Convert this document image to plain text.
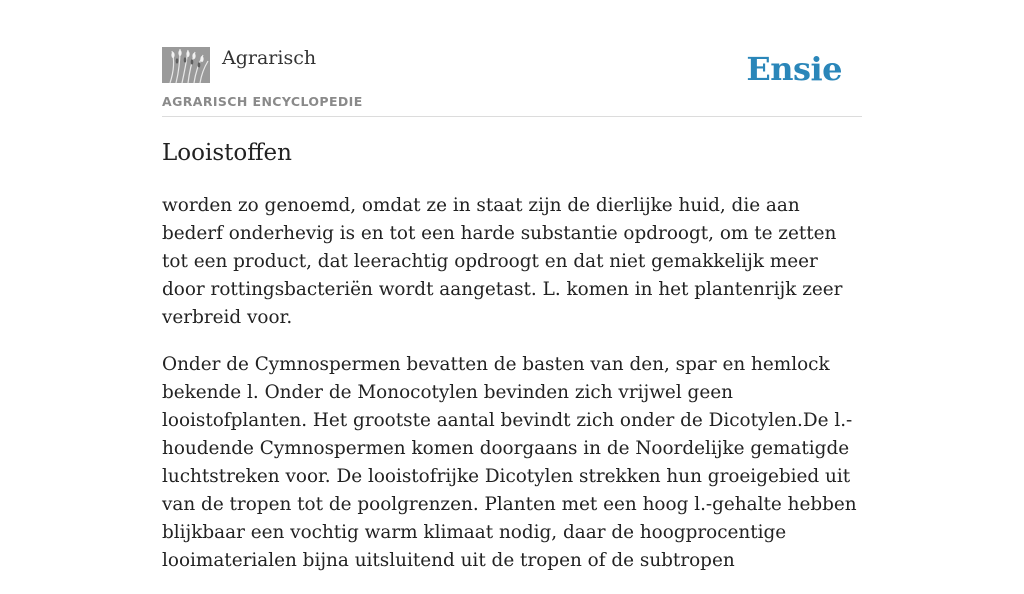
Agrarisch
AGRARISCH ENCYCLOPEDIE
Ensie
Looistoffen

worden zo genoemd, omdat ze in staat zijn de dierlijke huid, die aan bederf onderhevig is en tot een harde substantie opdroogt, om te zetten tot een product, dat leerachtig opdroogt en dat niet gemakkelijk meer door rottingsbacteriën wordt aangetast. L. komen in het plantenrijk zeer verbreid voor.

Onder de Cymnospermen bevatten de basten van den, spar en hemlock bekende l. Onder de Monocotylen bevinden zich vrijwel geen looistofplanten. Het grootste aantal bevindt zich onder de Dicotylen.De l.-houdende Cymnospermen komen doorgaans in de Noordelijke gematigde luchtstreken voor. De looistofrijke Dicotylen strekken hun groeigebied uit van de tropen tot de poolgrenzen. Planten met een hoog l.-gehalte hebben blijkbaar een vochtig warm klimaat nodig, daar de hoogprocentige looimaterialen bijna uitsluitend uit de tropen of de subtropen
